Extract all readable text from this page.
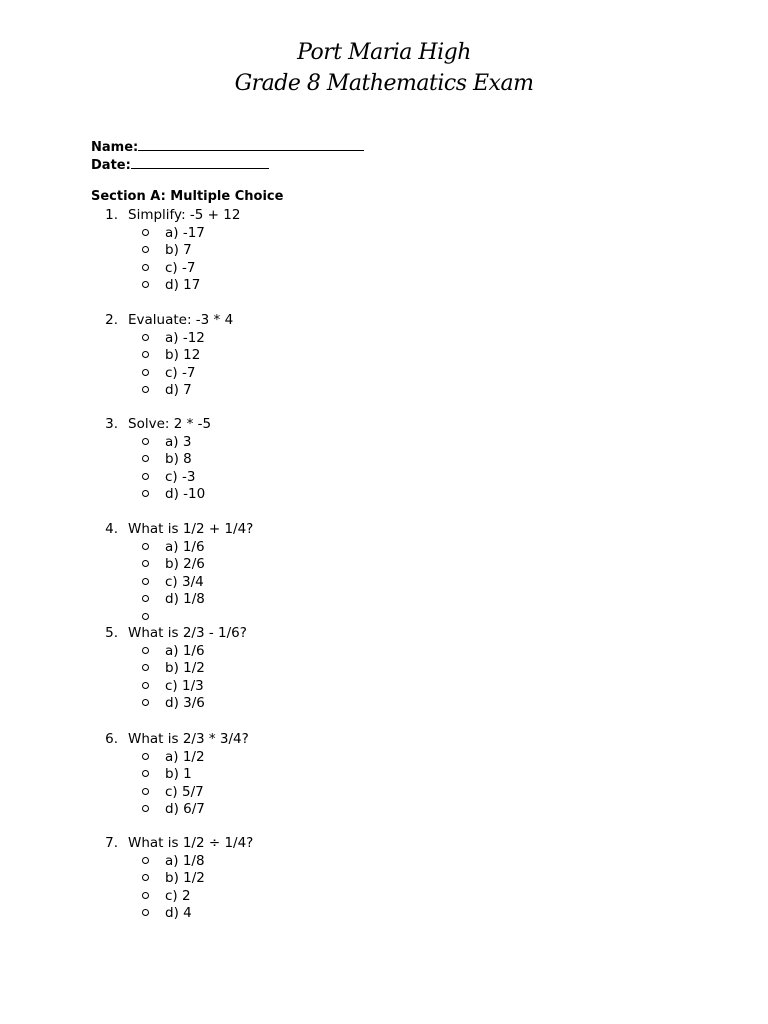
Port Maria High
Grade 8 Mathematics Exam
Name:
Date:
Section A: Multiple Choice
1. Simplify: -5 + 12
a) -17
b) 7
c) -7
d) 17
2. Evaluate: -3 * 4
a) -12
b) 12
c) -7
d) 7
3. Solve: 2 * -5
a) 3
b) 8
c) -3
d) -10
4. What is 1/2 + 1/4?
a) 1/6
b) 2/6
c) 3/4
d) 1/8
5. What is 2/3 - 1/6?
a) 1/6
b) 1/2
c) 1/3
d) 3/6
6. What is 2/3 * 3/4?
a) 1/2
b) 1
c) 5/7
d) 6/7
7. What is 1/2 ÷ 1/4?
a) 1/8
b) 1/2
c) 2
d) 4
